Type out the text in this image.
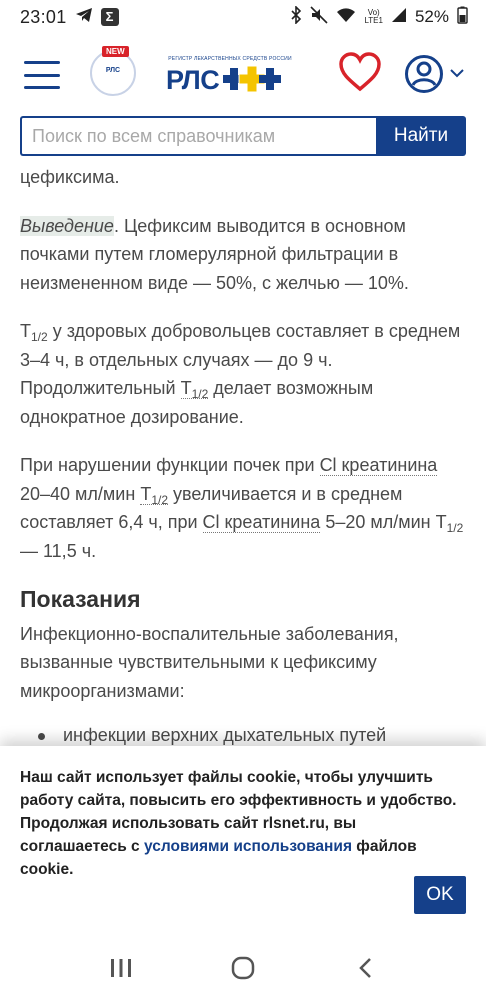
23:01	Σ	Vo)
LTE1 52%
NEW
РЛС
РЕГИСТР ЛЕКАРСТВЕННЫХ СРЕДСТВ РОССИИ
РЛС
Поиск по всем справочникам
Найти

цефиксима.

Выведение. Цефиксим выводится в основном почками путем гломерулярной фильтрации в неизмененном виде — 50%, с желчью — 10%.

$T_{1/2}$ у здоровых добровольцев составляет в среднем 3–4 ч, в отдельных случаях — до 9 ч. Продолжительный $T_{1/2}$ делает возможным однократное дозирование.

При нарушении функции почек при Cl креатинина 20–40 мл/мин $T_{1/2}$ увеличивается и в среднем составляет 6,4 ч, при Cl креатинина 5–20 мл/мин $T_{1/2}$ — 11,5 ч.

Показания

Инфекционно-воспалительные заболевания, вызванные чувствительными к цефиксиму микроорганизмами:

инфекции верхних дыхательных путей
Наш сайт использует файлы cookie, чтобы улучшить работу сайта, повысить его эффективность и удобство. Продолжая использовать сайт rlsnet.ru, вы соглашаетесь с условиями использования файлов cookie.
OK
